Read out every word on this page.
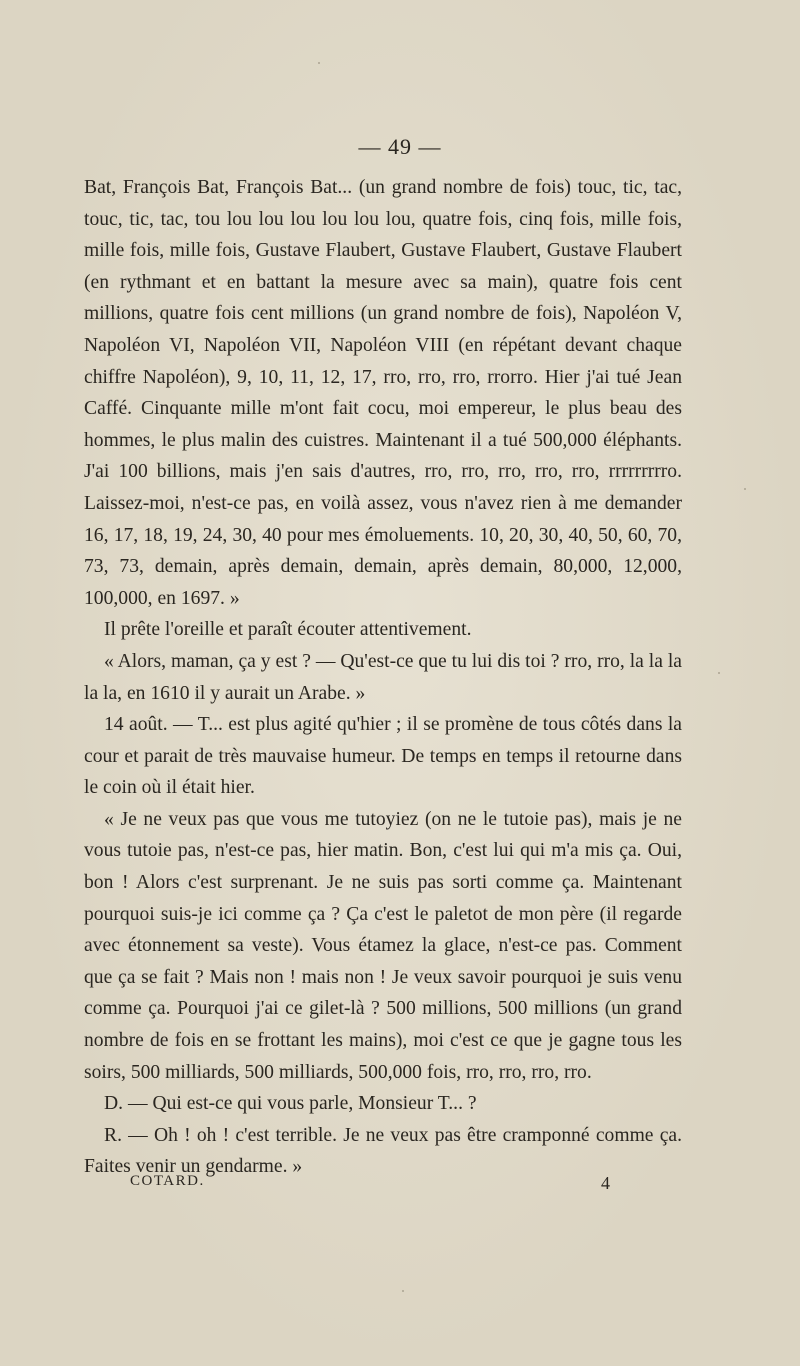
— 49 —

Bat, François Bat, François Bat... (un grand nombre de fois) touc, tic, tac, touc, tic, tac, tou lou lou lou lou lou lou, quatre fois, cinq fois, mille fois, mille fois, mille fois, Gustave Flaubert, Gustave Flaubert, Gustave Flaubert (en rythmant et en battant la mesure avec sa main), quatre fois cent millions, quatre fois cent millions (un grand nombre de fois), Napoléon V, Napoléon VI, Napoléon VII, Napoléon VIII (en répétant devant chaque chiffre Napoléon), 9, 10, 11, 12, 17, rro, rro, rro, rrorro. Hier j'ai tué Jean Caffé. Cinquante mille m'ont fait cocu, moi empereur, le plus beau des hommes, le plus malin des cuistres. Maintenant il a tué 500,000 éléphants. J'ai 100 billions, mais j'en sais d'autres, rro, rro, rro, rro, rro, rrrrrrrrro. Laissez-moi, n'est-ce pas, en voilà assez, vous n'avez rien à me demander 16, 17, 18, 19, 24, 30, 40 pour mes émoluements. 10, 20, 30, 40, 50, 60, 70, 73, 73, demain, après demain, demain, après demain, 80,000, 12,000, 100,000, en 1697. »

Il prête l'oreille et paraît écouter attentivement.

« Alors, maman, ça y est ? — Qu'est-ce que tu lui dis toi ? rro, rro, la la la la la, en 1610 il y aurait un Arabe. »

14 août. — T... est plus agité qu'hier ; il se promène de tous côtés dans la cour et parait de très mauvaise humeur. De temps en temps il retourne dans le coin où il était hier.

« Je ne veux pas que vous me tutoyiez (on ne le tutoie pas), mais je ne vous tutoie pas, n'est-ce pas, hier matin. Bon, c'est lui qui m'a mis ça. Oui, bon ! Alors c'est surprenant. Je ne suis pas sorti comme ça. Maintenant pourquoi suis-je ici comme ça ? Ça c'est le paletot de mon père (il regarde avec étonnement sa veste). Vous étamez la glace, n'est-ce pas. Comment que ça se fait ? Mais non ! mais non ! Je veux savoir pourquoi je suis venu comme ça. Pourquoi j'ai ce gilet-là ? 500 millions, 500 millions (un grand nombre de fois en se frottant les mains), moi c'est ce que je gagne tous les soirs, 500 milliards, 500 milliards, 500,000 fois, rro, rro, rro, rro.

D. — Qui est-ce qui vous parle, Monsieur T... ?

R. — Oh ! oh ! c'est terrible. Je ne veux pas être cramponné comme ça. Faites venir un gendarme. »

COTARD.	4
